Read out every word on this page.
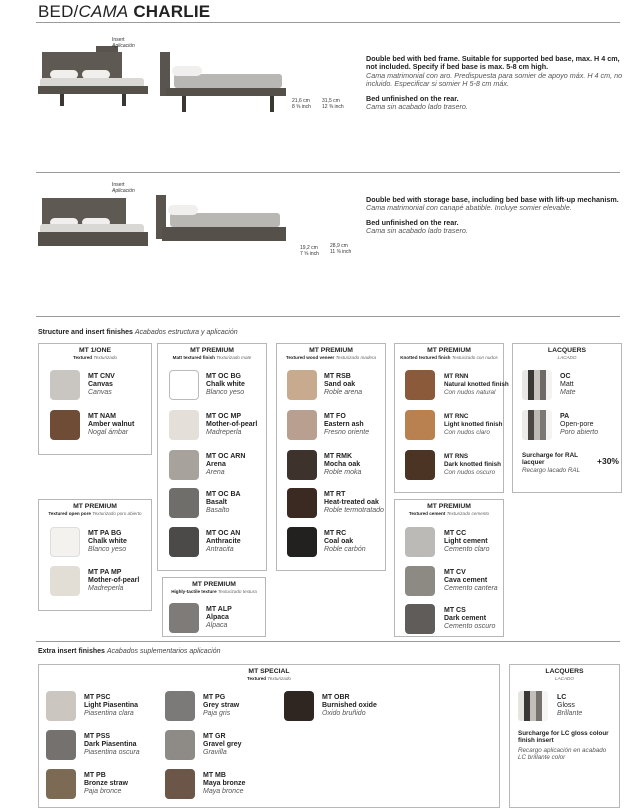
BED/CAMA CHARLIE
Insert
Aplicación
21,6 cm
8 ⅝ inch
31,5 cm
12 ⅜ inch
Double bed with bed frame. Suitable for supported bed base, max. H 4 cm, not included. Specify if bed base is max. 5-8 cm high.
Cama matrimonial con aro. Predispuesta para somier de apoyo máx. H 4 cm, no incluido. Especificar si somier H 5-8 cm máx.
Bed unfinished on the rear.
Cama sin acabado lado trasero.
Insert
Aplicación
19,2 cm
7 ⅝ inch
28,9 cm
11 ⅜ inch
Double bed with storage base, including bed base with lift-up mechanism.
Cama matrimonial con canapé abatible. Incluye somier elevable.
Bed unfinished on the rear.
Cama sin acabado lado trasero.
Structure and insert finishes Acabados estructura y aplicación
MT 1/ONE
Textured Texturizado
MT CNV
Canvas
Canvas
MT NAM
Amber walnut
Nogal ámbar
MT PREMIUM
Matt textured finish Texturizado mate
MT OC BG
Chalk white
Blanco yeso
MT OC MP
Mother-of-pearl
Madreperla
MT OC ARN
Arena
Arena
MT OC BA
Basalt
Basalto
MT OC AN
Anthracite
Antracita
MT PREMIUM
Textured wood veneer Texturizado madera
MT RSB
Sand oak
Roble arena
MT FO
Eastern ash
Fresno oriente
MT RMK
Mocha oak
Roble moka
MT RT
Heat-treated oak
Roble termotratado
MT RC
Coal oak
Roble carbón
MT PREMIUM
Knotted textured finish Texturizado con nudos
MT RNN
Natural knotted finish
Con nudos natural
MT RNC
Light knotted finish
Con nudos claro
MT RNS
Dark knotted finish
Con nudos oscuro
LACQUERS
LACADO
OC
Matt
Mate
PA
Open-pore
Poro abierto
Surcharge for RAL lacquer
Recargo lacado RAL
+30%
MT PREMIUM
Textured open pore Texturizado poro abierto
MT PA BG
Chalk white
Blanco yeso
MT PA MP
Mother-of-pearl
Madreperla
MT PREMIUM
Highly-tactile texture Texturizado textura
MT ALP
Alpaca
Alpaca
MT PREMIUM
Textured cement Texturizado cemento
MT CC
Light cement
Cemento claro
MT CV
Cava cement
Cemento cantera
MT CS
Dark cement
Cemento oscuro
Extra insert finishes Acabados suplementarios aplicación
MT SPECIAL
Textured Texturizado
MT PSC
Light Piasentina
Piasentina clara
MT PSS
Dark Piasentina
Piasentina oscura
MT PB
Bronze straw
Paja bronce
MT PG
Grey straw
Paja gris
MT GR
Gravel grey
Gravilla
MT MB
Maya bronze
Maya bronce
MT OBR
Burnished oxide
Óxido bruñido
LACQUERS
LACADO
LC
Gloss
Brillante
Surcharge for LC gloss colour finish insert
Recargo aplicación en acabado LC brillante color
